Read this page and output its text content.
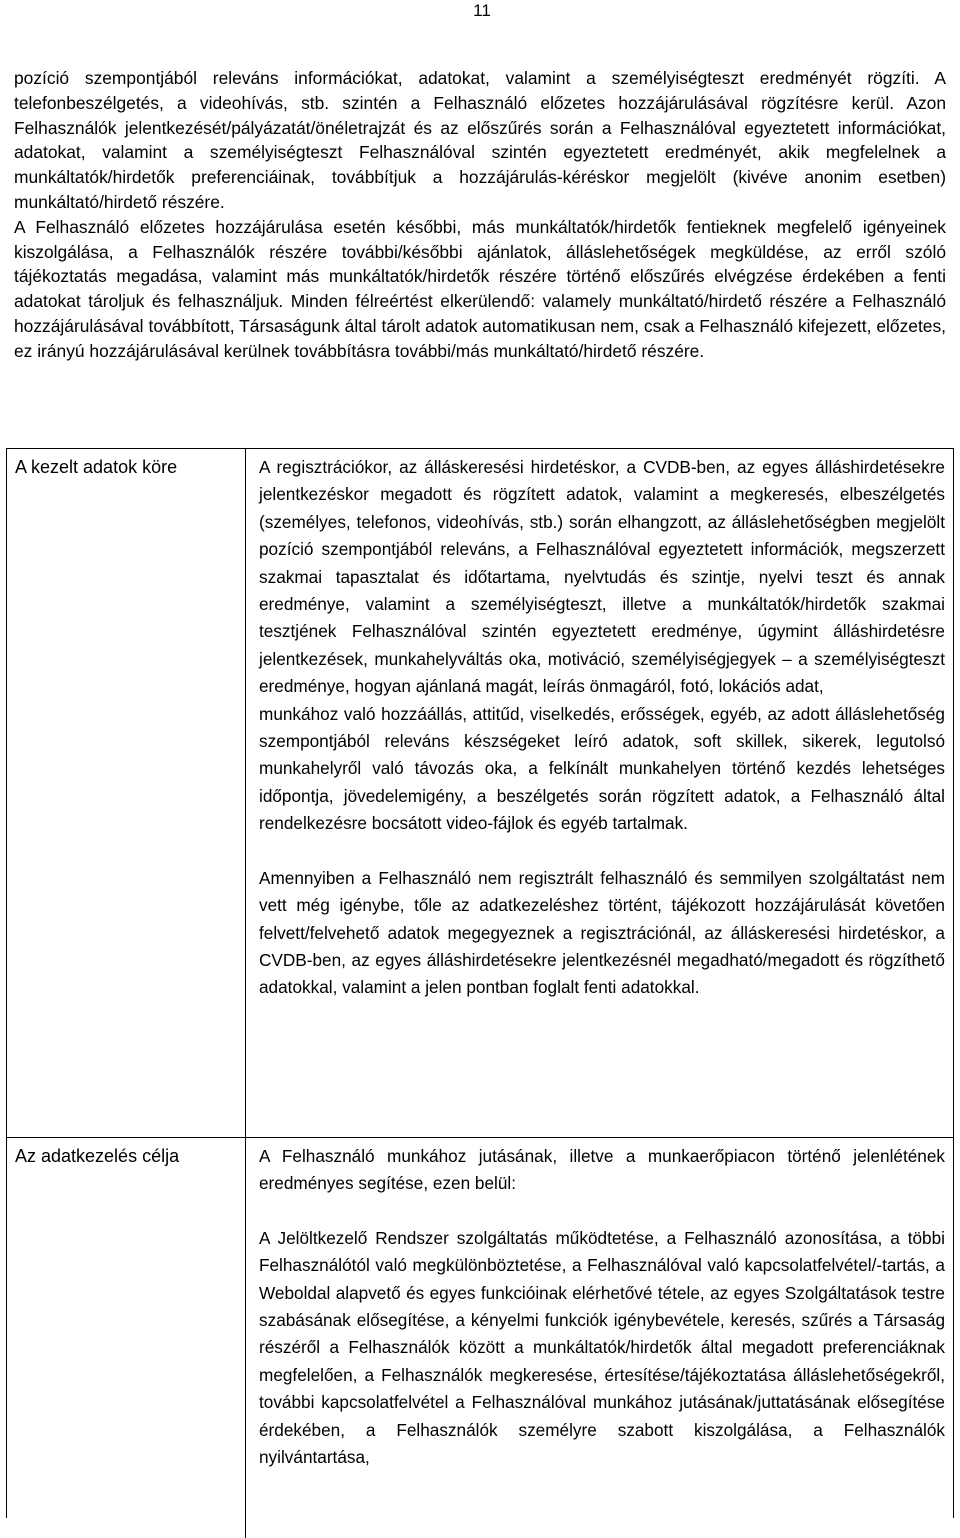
11

pozíció szempontjából releváns információkat, adatokat, valamint a személyiségteszt eredményét rögzíti. A telefonbeszélgetés, a videohívás, stb. szintén a Felhasználó előzetes hozzájárulásával rögzítésre kerül. Azon Felhasználók jelentkezését/pályázatát/önéletrajzát és az előszűrés során a Felhasználóval egyeztetett információkat, adatokat, valamint a személyiségteszt Felhasználóval szintén egyeztetett eredményét, akik megfelelnek a munkáltatók/hirdetők preferenciáinak, továbbítjuk a hozzájárulás-kéréskor megjelölt (kivéve anonim esetben) munkáltató/hirdető részére.

A Felhasználó előzetes hozzájárulása esetén későbbi, más munkáltatók/hirdetők fentieknek megfelelő igényeinek kiszolgálása, a Felhasználók részére további/későbbi ajánlatok, álláslehetőségek megküldése, az erről szóló tájékoztatás megadása, valamint más munkáltatók/hirdetők részére történő előszűrés elvégzése érdekében a fenti adatokat tároljuk és felhasználjuk. Minden félreértést elkerülendő: valamely munkáltató/hirdető részére a Felhasználó hozzájárulásával továbbított, Társaságunk által tárolt adatok automatikusan nem, csak a Felhasználó kifejezett, előzetes, ez irányú hozzájárulásával kerülnek továbbításra további/más munkáltató/hirdető részére.

A kezelt adatok köre	A regisztrációkor, az álláskeresési hirdetéskor, a CVDB-ben, az egyes álláshirdetésekre jelentkezéskor megadott és rögzített adatok, valamint a megkeresés, elbeszélgetés (személyes, telefonos, videohívás, stb.) során elhangzott, az álláslehetőségben megjelölt pozíció szempontjából releváns, a Felhasználóval egyeztetett információk, megszerzett szakmai tapasztalat és időtartama, nyelvtudás és szintje, nyelvi teszt és annak eredménye, valamint a személyiségteszt, illetve a munkáltatók/hirdetők szakmai tesztjének Felhasználóval szintén egyeztetett eredménye, úgymint álláshirdetésre jelentkezések, munkahelyváltás oka, motiváció, személyiségjegyek – a személyiségteszt eredménye, hogyan ajánlaná magát, leírás önmagáról, fotó, lokációs adat,

munkához való hozzáállás, attitűd, viselkedés, erősségek, egyéb, az adott álláslehetőség szempontjából releváns készségeket leíró adatok, soft skillek, sikerek, legutolsó munkahelyről való távozás oka, a felkínált munkahelyen történő kezdés lehetséges időpontja, jövedelemigény, a beszélgetés során rögzített adatok, a Felhasználó által rendelkezésre bocsátott video-fájlok és egyéb tartalmak.

Amennyiben a Felhasználó nem regisztrált felhasználó és semmilyen szolgáltatást nem vett még igénybe, tőle az adatkezeléshez történt, tájékozott hozzájárulását követően felvett/felvehető adatok megegyeznek a regisztrációnál, az álláskeresési hirdetéskor, a CVDB-ben, az egyes álláshirdetésekre jelentkezésnél megadható/megadott és rögzíthető adatokkal, valamint a jelen pontban foglalt fenti adatokkal.

Az adatkezelés célja	A Felhasználó munkához jutásának, illetve a munkaerőpiacon történő jelenlétének eredményes segítése, ezen belül:

A Jelöltkezelő Rendszer szolgáltatás működtetése, a Felhasználó azonosítása, a többi Felhasználótól való megkülönböztetése, a Felhasználóval való kapcsolatfelvétel/-tartás, a Weboldal alapvető és egyes funkcióinak elérhetővé tétele, az egyes Szolgáltatások testre szabásának elősegítése, a kényelmi funkciók igénybevétele, keresés, szűrés a Társaság részéről a Felhasználók között a munkáltatók/hirdetők által megadott preferenciáknak megfelelően, a Felhasználók megkeresése, értesítése/tájékoztatása álláslehetőségekről, további kapcsolatfelvétel a Felhasználóval munkához jutásának/juttatásának elősegítése érdekében, a Felhasználók személyre szabott kiszolgálása, a Felhasználók nyilvántartása,
